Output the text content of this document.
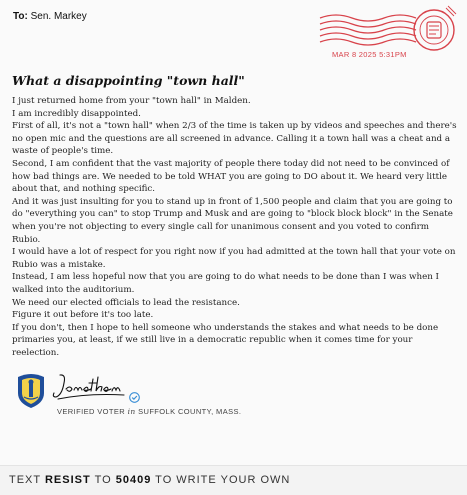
To: Sen. Markey
MAR 8 2025 5:31PM
What a disappointing "town hall"

I just returned home from your "town hall" in Malden.

I am incredibly disappointed.

First of all, it's not a "town hall" when 2/3 of the time is taken up by videos and speeches and there's no open mic and the questions are all screened in advance. Calling it a town hall was a cheat and a waste of people's time.

Second, I am confident that the vast majority of people there today did not need to be convinced of how bad things are. We needed to be told WHAT you are going to DO about it. We heard very little about that, and nothing specific.

And it was just insulting for you to stand up in front of 1,500 people and claim that you are going to do "everything you can" to stop Trump and Musk and are going to "block block block" in the Senate when you're not objecting to every single call for unanimous consent and you voted to confirm Rubio.

I would have a lot of respect for you right now if you had admitted at the town hall that your vote on Rubio was a mistake.

Instead, I am less hopeful now that you are going to do what needs to be done than I was when I walked into the auditorium.

We need our elected officials to lead the resistance.

Figure it out before it's too late.

If you don't, then I hope to hell someone who understands the stakes and what needs to be done primaries you, at least, if we still live in a democratic republic when it comes time for your reelection.

VERIFIED VOTER in SUFFOLK COUNTY, MASS.
TEXT RESIST TO 50409 TO WRITE YOUR OWN
